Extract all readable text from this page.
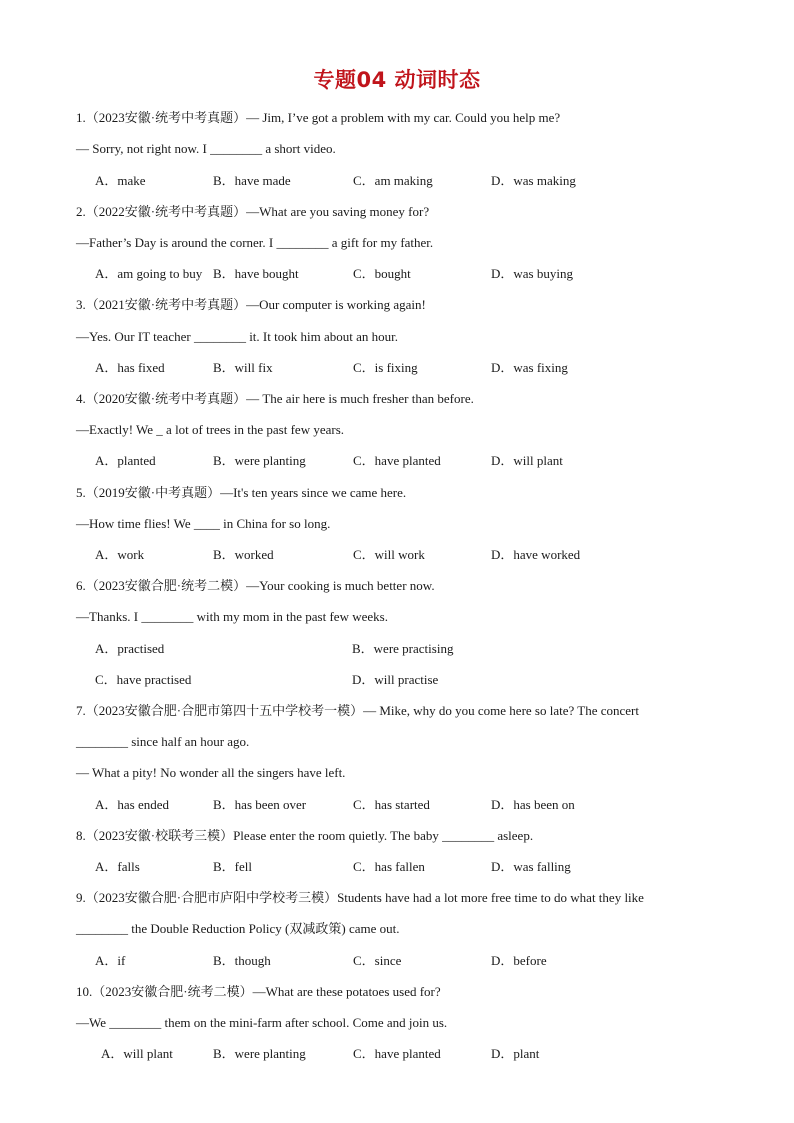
专题04 动词时态
1.（2023安徽·统考中考真题）— Jim, I’ve got a problem with my car. Could you help me?
— Sorry, not right now. I ________ a short video.
A．make	B．have made	C．am making	D．was making
2.（2022安徽·统考中考真题）—What are you saving money for?
—Father’s Day is around the corner. I ________ a gift for my father.
A．am going to buy B．have bought	C．bought	D．was buying
3.（2021安徽·统考中考真题）—Our computer is working again!
—Yes. Our IT teacher ________ it. It took him about an hour.
A．has fixed	B．will fix	C．is fixing	D．was fixing
4.（2020安徽·统考中考真题）— The air here is much fresher than before.
—Exactly! We _ a lot of trees in the past few years.
A．planted	B．were planting	C．have planted	D．will plant
5.（2019安徽·中考真题）—It's ten years since we came here.
—How time flies! We ____ in China for so long.
A．work	B．worked	C．will work	D．have worked
6.（2023安徽合肥·统考二模）—Your cooking is much better now.
—Thanks. I ________ with my mom in the past few weeks.
A．practised	B．were practising
C．have practised	D．will practise
7.（2023安徽合肥·合肥市第四十五中学校考一模）— Mike, why do you come here so late? The concert
________ since half an hour ago.
— What a pity! No wonder all the singers have left.
A．has ended	B．has been over	C．has started	D．has been on
8.（2023安徽·校联考三模）Please enter the room quietly. The baby ________ asleep.
A．falls	B．fell	C．has fallen	D．was falling
9.（2023安徽合肥·合肥市庐阳中学校考三模）Students have had a lot more free time to do what they like
________ the Double Reduction Policy (双减政策) came out.
A．if	B．though	C．since	D．before
10.（2023安徽合肥·统考二模）—What are these potatoes used for?
—We ________ them on the mini-farm after school. Come and join us.
A．will plant	B．were planting	C．have planted	D．plant
